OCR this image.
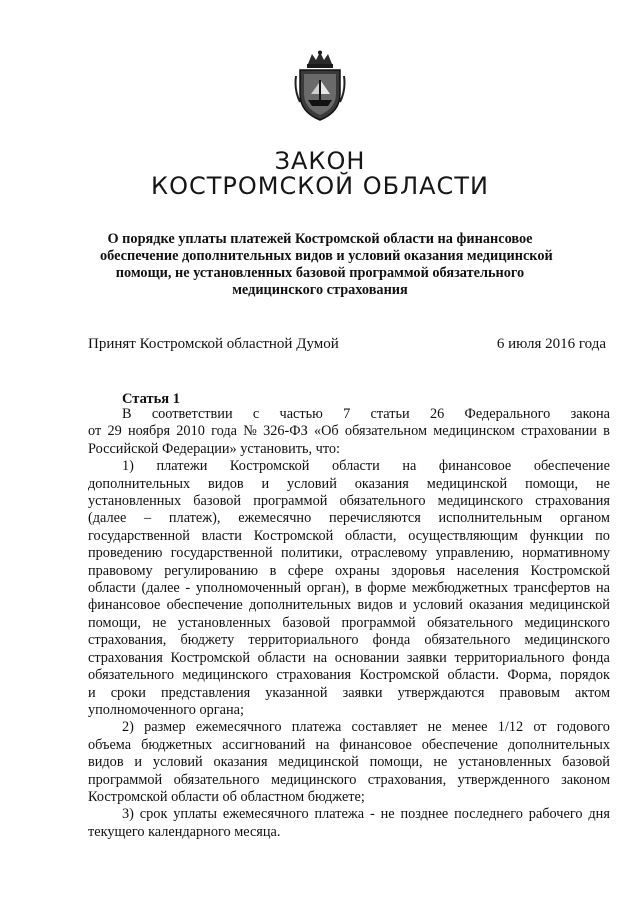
ЗАКОН
КОСТРОМСКОЙ ОБЛАСТИ
О порядке уплаты платежей Костромской области на финансовое
обеспечение дополнительных видов и условий оказания медицинской
помощи, не установленных базовой программой обязательного
медицинского страхования
Принят Костромской областной Думой	6 июля 2016 года
Статья 1
В соответствии с частью 7 статьи 26 Федерального закона
от 29 ноября 2010 года № 326-ФЗ «Об обязательном медицинском страховании в
Российской Федерации» установить, что:
1) платежи Костромской области на финансовое обеспечение
дополнительных видов и условий оказания медицинской помощи, не
установленных базовой программой обязательного медицинского страхования
(далее – платеж), ежемесячно перечисляются исполнительным органом
государственной власти Костромской области, осуществляющим функции по
проведению государственной политики, отраслевому управлению, нормативному
правовому регулированию в сфере охраны здоровья населения Костромской
области (далее - уполномоченный орган), в форме межбюджетных трансфертов на
финансовое обеспечение дополнительных видов и условий оказания медицинской
помощи, не установленных базовой программой обязательного медицинского
страхования, бюджету территориального фонда обязательного медицинского
страхования Костромской области на основании заявки территориального фонда
обязательного медицинского страхования Костромской области. Форма, порядок
и сроки представления указанной заявки утверждаются правовым актом
уполномоченного органа;
2) размер ежемесячного платежа составляет не менее 1/12 от годового
объема бюджетных ассигнований на финансовое обеспечение дополнительных
видов и условий оказания медицинской помощи, не установленных базовой
программой обязательного медицинского страхования, утвержденного законом
Костромской области об областном бюджете;
3) срок уплаты ежемесячного платежа - не позднее последнего рабочего дня
текущего календарного месяца.
